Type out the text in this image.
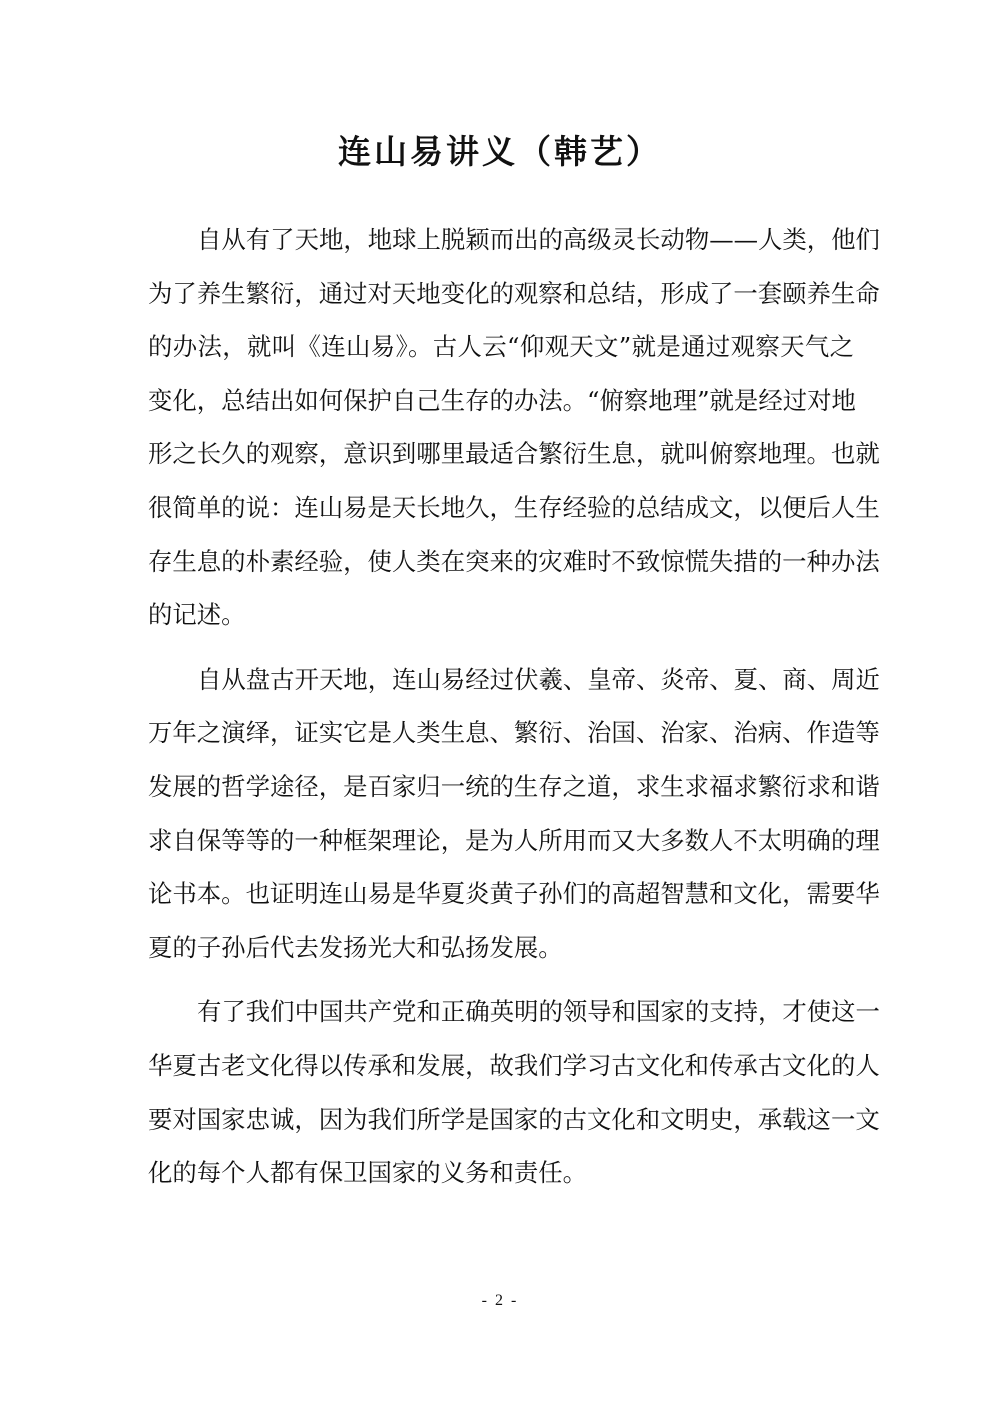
连山易讲义（韩艺）

自从有了天地，地球上脱颖而出的高级灵长动物——人类，他们
为了养生繁衍，通过对天地变化的观察和总结，形成了一套颐养生命
的办法，就叫《连山易》。古人云“仰观天文”就是通过观察天气之
变化，总结出如何保护自己生存的办法。“俯察地理”就是经过对地
形之长久的观察，意识到哪里最适合繁衍生息，就叫俯察地理。也就
很简单的说：连山易是天长地久，生存经验的总结成文，以便后人生
存生息的朴素经验，使人类在突来的灾难时不致惊慌失措的一种办法
的记述。

自从盘古开天地，连山易经过伏羲、皇帝、炎帝、夏、商、周近
万年之演绎，证实它是人类生息、繁衍、治国、治家、治病、作造等
发展的哲学途径，是百家归一统的生存之道，求生求福求繁衍求和谐
求自保等等的一种框架理论，是为人所用而又大多数人不太明确的理
论书本。也证明连山易是华夏炎黄子孙们的高超智慧和文化，需要华
夏的子孙后代去发扬光大和弘扬发展。

有了我们中国共产党和正确英明的领导和国家的支持，才使这一
华夏古老文化得以传承和发展，故我们学习古文化和传承古文化的人
要对国家忠诚，因为我们所学是国家的古文化和文明史，承载这一文
化的每个人都有保卫国家的义务和责任。

- 2 -
